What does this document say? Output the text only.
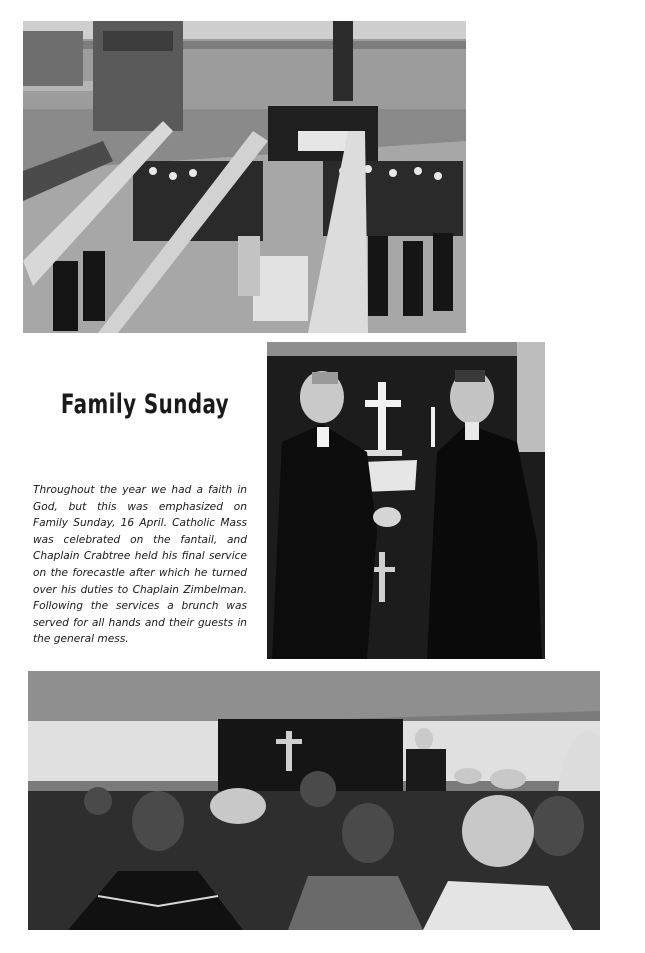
Family Sunday
Throughout the year we had a faith in God, but this was emphasized on Family Sunday, 16 April. Catholic Mass was celebrated on the fantail, and Chaplain Crabtree held his final service on the forecastle after which he turned over his duties to Chaplain Zimbelman. Following the services a brunch was served for all hands and their guests in the general mess.
